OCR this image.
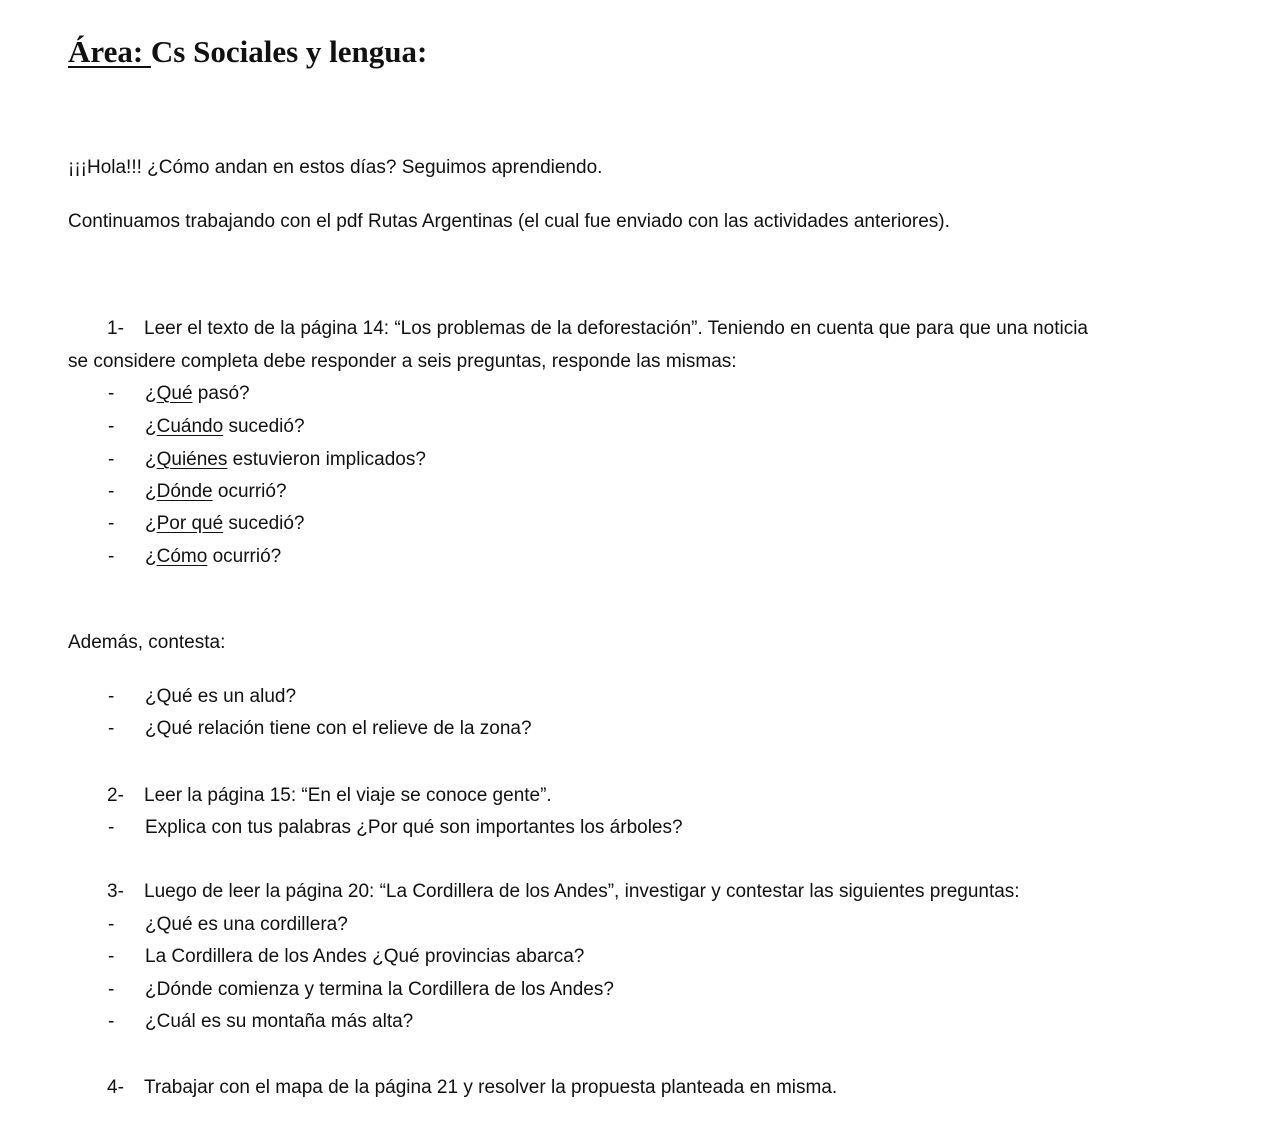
Área: Cs Sociales y lengua:

¡¡¡Hola!!! ¿Cómo andan en estos días? Seguimos aprendiendo.

Continuamos trabajando con el pdf Rutas Argentinas (el cual fue enviado con las actividades anteriores).

1- Leer el texto de la página 14: “Los problemas de la deforestación”. Teniendo en cuenta que para que una noticia

se considere completa debe responder a seis preguntas, responde las mismas:

- ¿Qué pasó?

- ¿Cuándo sucedió?

- ¿Quiénes estuvieron implicados?

- ¿Dónde ocurrió?

- ¿Por qué sucedió?

- ¿Cómo ocurrió?

Además, contesta:

- ¿Qué es un alud?

- ¿Qué relación tiene con el relieve de la zona?

2- Leer la página 15: “En el viaje se conoce gente”.
- Explica con tus palabras ¿Por qué son importantes los árboles?

3- Luego de leer la página 20: “La Cordillera de los Andes”, investigar y contestar las siguientes preguntas:
- ¿Qué es una cordillera?

- La Cordillera de los Andes ¿Qué provincias abarca?

- ¿Dónde comienza y termina la Cordillera de los Andes?

- ¿Cuál es su montaña más alta?

4- Trabajar con el mapa de la página 21 y resolver la propuesta planteada en misma.
